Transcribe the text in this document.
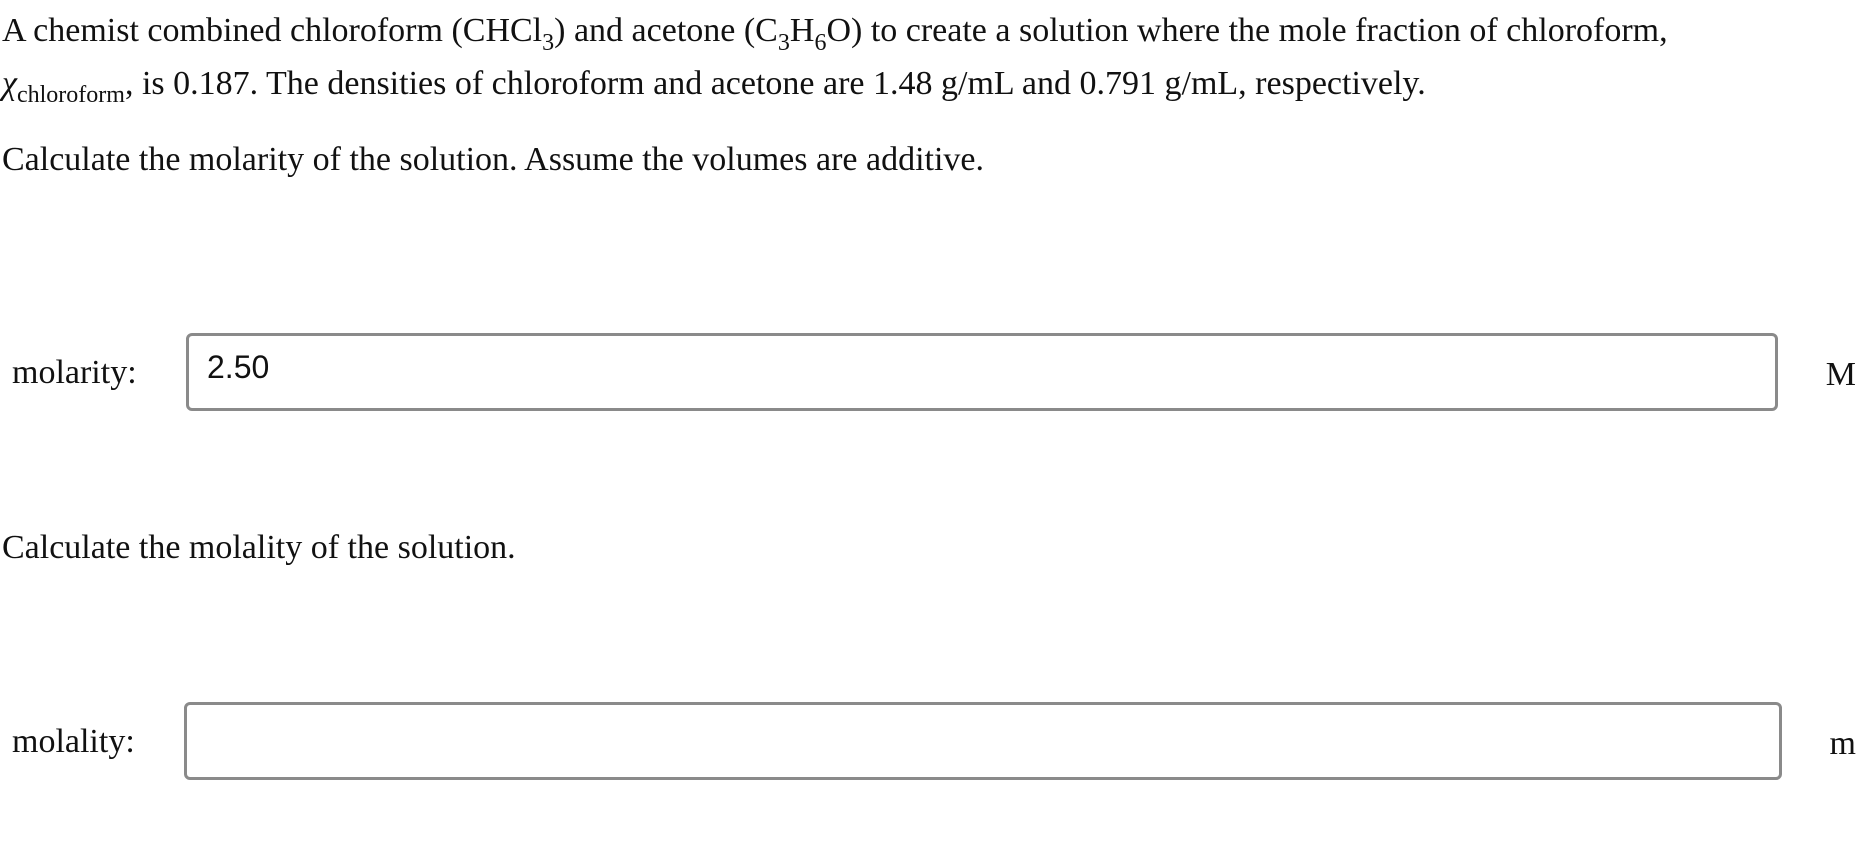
A chemist combined chloroform (CHCl$_3$) and acetone $(C_3H_6O)$ to create a solution where the mole fraction of chloroform,
$\chi_{chloroform}$, is 0.187. The densities of chloroform and acetone are 1.48 g/mL and 0.791 g/mL, respectively.

Calculate the molarity of the solution. Assume the volumes are additive.
molarity:
2.50	M
Calculate the molality of the solution.
molality:	m
